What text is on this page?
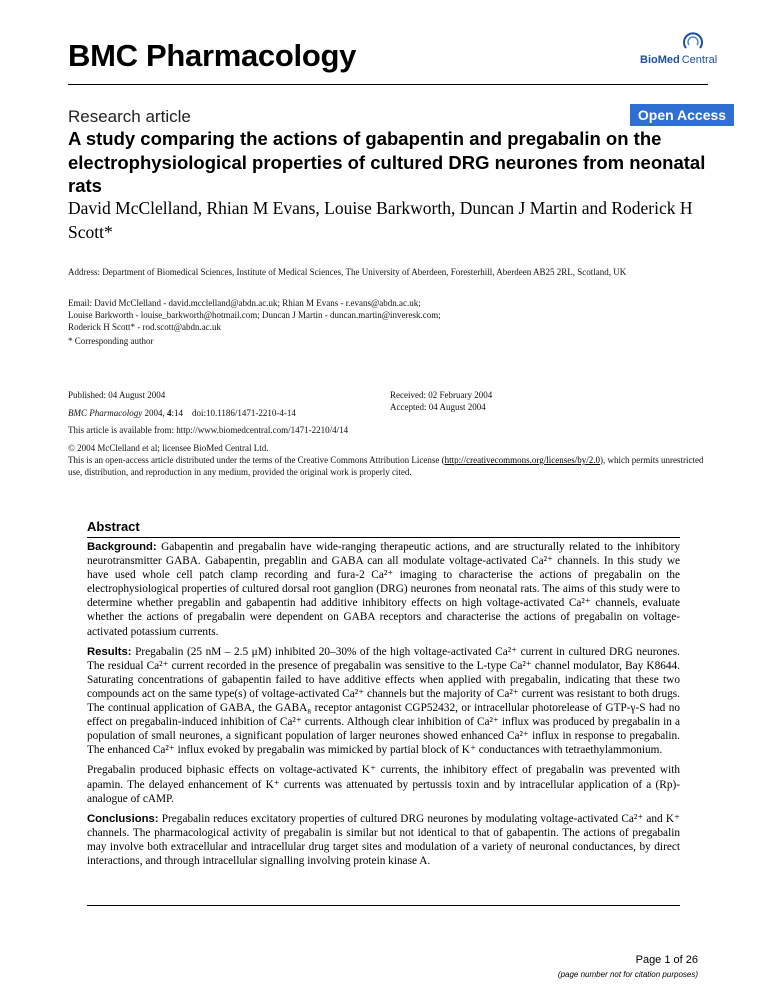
BMC Pharmacology	BioMed Central
Research article	Open Access
A study comparing the actions of gabapentin and pregabalin on the electrophysiological properties of cultured DRG neurones from neonatal rats
David McClelland, Rhian M Evans, Louise Barkworth, Duncan J Martin and Roderick H Scott*
Address: Department of Biomedical Sciences, Institute of Medical Sciences, The University of Aberdeen, Foresterhill, Aberdeen AB25 2RL, Scotland, UK
Email: David McClelland - david.mcclelland@abdn.ac.uk; Rhian M Evans - r.evans@abdn.ac.uk;
Louise Barkworth - louise_barkworth@hotmail.com; Duncan J Martin - duncan.martin@inveresk.com;
Roderick H Scott* - rod.scott@abdn.ac.uk
* Corresponding author
Published: 04 August 2004
BMC Pharmacology 2004, 4:14    doi:10.1186/1471-2210-4-14
This article is available from: http://www.biomedcentral.com/1471-2210/4/14
Received: 02 February 2004
Accepted: 04 August 2004
© 2004 McClelland et al; licensee BioMed Central Ltd.
This is an open-access article distributed under the terms of the Creative Commons Attribution License (http://creativecommons.org/licenses/by/2.0), which permits unrestricted use, distribution, and reproduction in any medium, provided the original work is properly cited.
Abstract

Background: Gabapentin and pregabalin have wide-ranging therapeutic actions, and are structurally related to the inhibitory neurotransmitter GABA. Gabapentin, pregablin and GABA can all modulate voltage-activated Ca²⁺ channels. In this study we have used whole cell patch clamp recording and fura-2 Ca²⁺ imaging to characterise the actions of pregabalin on the electrophysiological properties of cultured dorsal root ganglion (DRG) neurones from neonatal rats. The aims of this study were to determine whether pregablin and gabapentin had additive inhibitory effects on high voltage-activated Ca²⁺ channels, evaluate whether the actions of pregabalin were dependent on GABA receptors and characterise the actions of pregabalin on voltage-activated potassium currents.

Results: Pregabalin (25 nM – 2.5 μM) inhibited 20–30% of the high voltage-activated Ca²⁺ current in cultured DRG neurones. The residual Ca²⁺ current recorded in the presence of pregabalin was sensitive to the L-type Ca²⁺ channel modulator, Bay K8644. Saturating concentrations of gabapentin failed to have additive effects when applied with pregabalin, indicating that these two compounds act on the same type(s) of voltage-activated Ca²⁺ channels but the majority of Ca²⁺ current was resistant to both drugs. The continual application of GABA, the GABA₈ receptor antagonist CGP52432, or intracellular photorelease of GTP-γ-S had no effect on pregabalin-induced inhibition of Ca²⁺ currents. Although clear inhibition of Ca²⁺ influx was produced by pregabalin in a population of small neurones, a significant population of larger neurones showed enhanced Ca²⁺ influx in response to pregabalin. The enhanced Ca²⁺ influx evoked by pregabalin was mimicked by partial block of K⁺ conductances with tetraethylammonium.

Pregabalin produced biphasic effects on voltage-activated K⁺ currents, the inhibitory effect of pregabalin was prevented with apamin. The delayed enhancement of K⁺ currents was attenuated by pertussis toxin and by intracellular application of a (Rp)-analogue of cAMP.

Conclusions: Pregabalin reduces excitatory properties of cultured DRG neurones by modulating voltage-activated Ca²⁺ and K⁺ channels. The pharmacological activity of pregabalin is similar but not identical to that of gabapentin. The actions of pregabalin may involve both extracellular and intracellular drug target sites and modulation of a variety of neuronal conductances, by direct interactions, and through intracellular signalling involving protein kinase A.

Page 1 of 26
(page number not for citation purposes)
